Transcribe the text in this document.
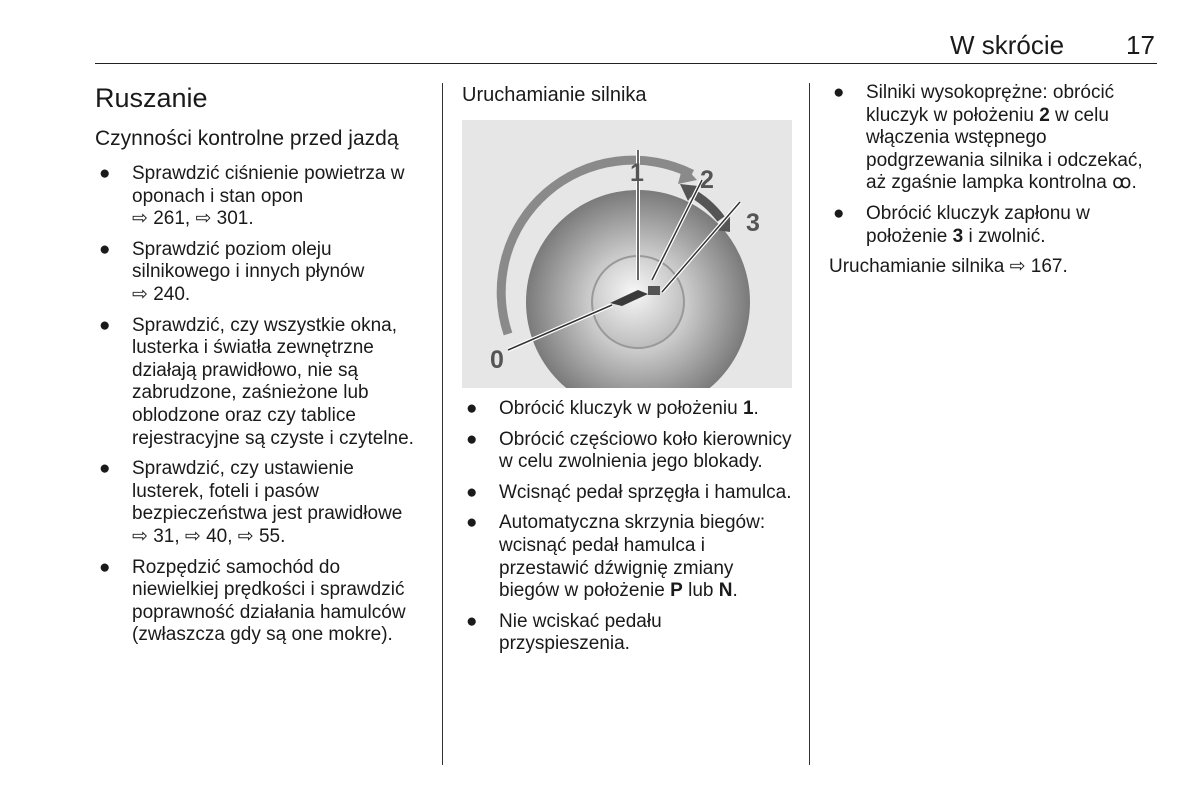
W skrócie 17
Ruszanie
Czynności kontrolne przed jazdą
● Sprawdzić ciśnienie powietrza w oponach i stan opon ⇨ 261, ⇨ 301.
● Sprawdzić poziom oleju silnikowego i innych płynów ⇨ 240.
● Sprawdzić, czy wszystkie okna, lusterka i światła zewnętrzne działają prawidłowo, nie są zabrudzone, zaśnieżone lub oblodzone oraz czy tablice rejestracyjne są czyste i czytelne.
● Sprawdzić, czy ustawienie lusterek, foteli i pasów bezpieczeństwa jest prawidłowe ⇨ 31, ⇨ 40, ⇨ 55.
● Rozpędzić samochód do niewielkiej prędkości i sprawdzić poprawność działania hamulców (zwłaszcza gdy są one mokre).
Uruchamianie silnika
1 2
3
0
● Obrócić kluczyk w położeniu 1.
● Obrócić częściowo koło kierownicy w celu zwolnienia jego blokady.
● Wcisnąć pedał sprzęgła i hamulca.
● Automatyczna skrzynia biegów: wcisnąć pedał hamulca i przestawić dźwignię zmiany biegów w położenie P lub N.
● Nie wciskać pedału przyspieszenia.
● Silniki wysokoprężne: obrócić kluczyk w położeniu 2 w celu włączenia wstępnego podgrzewania silnika i odczekać, aż zgaśnie lampka kontrolna ꝏ.
● Obrócić kluczyk zapłonu w położenie 3 i zwolnić.

Uruchamianie silnika ⇨ 167.
